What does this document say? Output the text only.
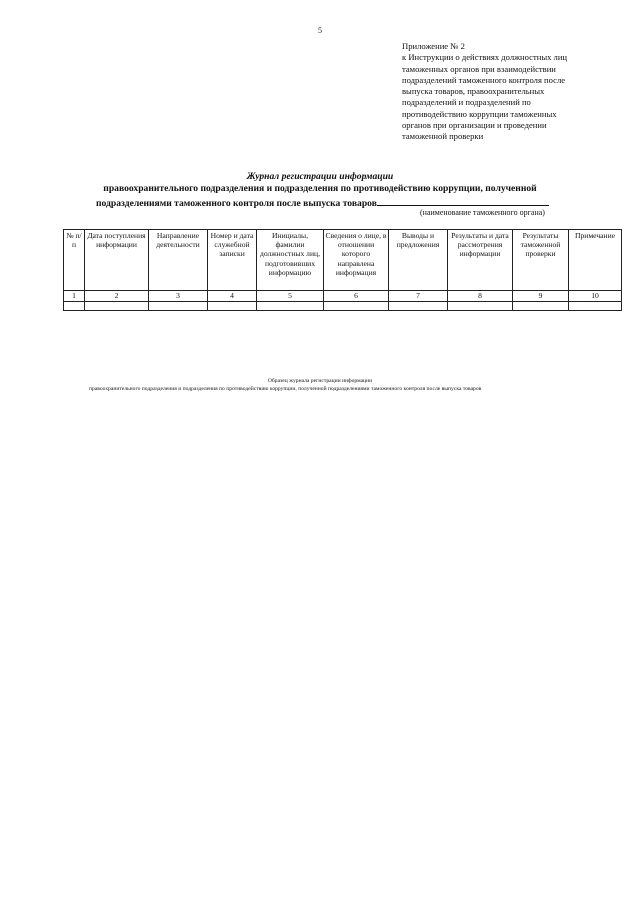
5
Приложение № 2
к Инструкции о действиях должностных лиц
таможенных органов при взаимодействии
подразделений таможенного контроля после
выпуска товаров, правоохранительных
подразделений и подразделений по
противодействию коррупции таможенных
органов при организации и проведении
таможенной проверки
Журнал регистрации информации
правоохранительного подразделения и подразделения по противодействию коррупции, полученной
подразделениями таможенного контроля после выпуска товаров
(наименование таможенного органа)
№ п/п	Дата поступления информации	Направление деятельности	Номер и дата служебной записки	Инициалы, фамилии должностных лиц, подготовивших информацию	Сведения о лице, в отношении которого направлена информация	Выводы и предложения	Результаты и дата рассмотрения информации	Результаты таможенной проверки	Примечание
1	2	3	4	5	6	7	8	9	10

Образец журнала регистрации информации
правоохранительного подразделения и подразделения по противодействию коррупции, полученной подразделениями таможенного контроля после выпуска товаров
